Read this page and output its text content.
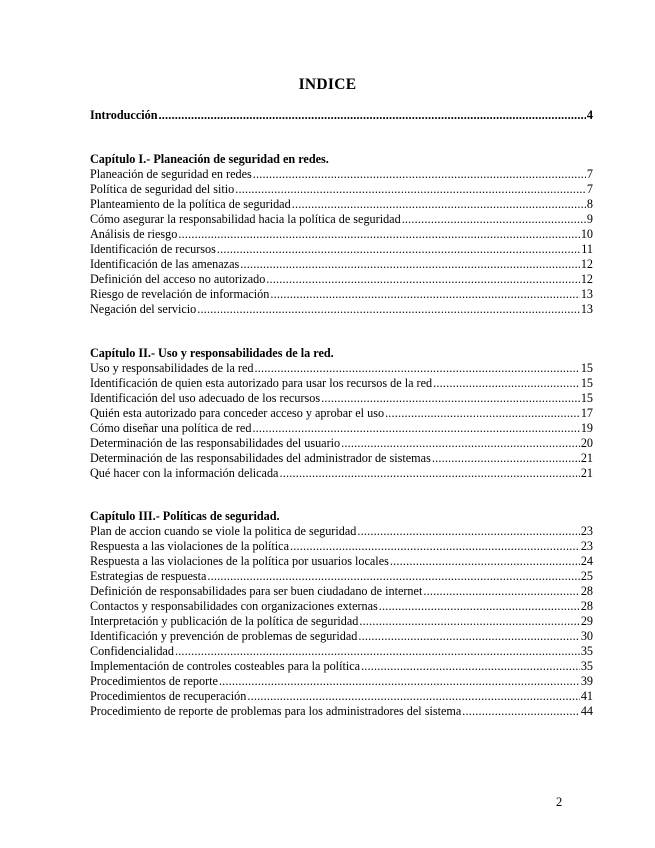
INDICE
Introducción .....	4
Capítulo I.- Planeación de seguridad en redes.
Planeación de seguridad en redes .....	7
Política de seguridad del sitio .....	7
Planteamiento de la política de seguridad .....	8
Cómo asegurar la responsabilidad hacia la política de seguridad .....	9
Análisis de riesgo .....	10
Identificación de recursos .....	11
Identificación de las amenazas .....	12
Definición del acceso no autorizado .....	12
Riesgo de revelación de información .....	13
Negación del servicio .....	13
Capítulo II.- Uso y responsabilidades de la red.
Uso y responsabilidades de la red .....	15
Identificación de quien esta autorizado para usar los recursos de la red .....	15
Identificación del uso adecuado de los recursos .....	15
Quién esta autorizado para conceder acceso y aprobar el uso .....	17
Cómo diseñar una política de red .....	19
Determinación de las responsabilidades del usuario .....	20
Determinación de las responsabilidades del administrador de sistemas .....	21
Qué hacer con la información delicada .....	21
Capítulo III.- Políticas de seguridad.
Plan de accion cuando se viole la politica de seguridad .....	23
Respuesta a las violaciones de la política .....	23
Respuesta a las violaciones de la política por usuarios locales .....	24
Estrategias de respuesta .....	25
Definición de responsabilidades para ser buen ciudadano de internet .....	28
Contactos y responsabilidades con organizaciones externas .....	28
Interpretación y publicación de la política de seguridad .....	29
Identificación y prevención de problemas de seguridad .....	30
Confidencialidad .....	35
Implementación de controles costeables para la política .....	35
Procedimientos de reporte .....	39
Procedimientos de recuperación .....	41
Procedimiento de reporte de problemas para los administradores del sistema .....	44
2
